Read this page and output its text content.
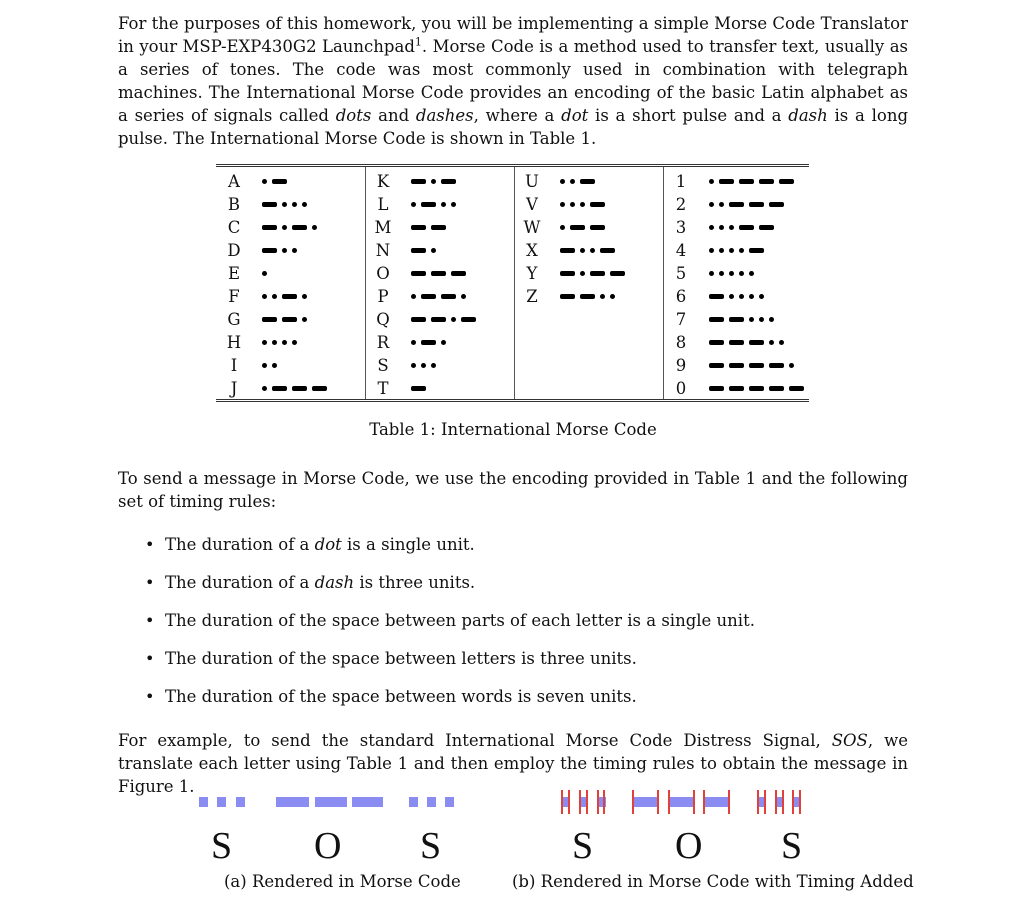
For the purposes of this homework, you will be implementing a simple Morse Code Translator in your MSP-EXP430G2 Launchpad$^1$. Morse Code is a method used to transfer text, usually as a series of tones. The code was most commonly used in combination with telegraph machines. The International Morse Code provides an encoding of the basic Latin alphabet as a series of signals called dots and dashes, where a dot is a short pulse and a dash is a long pulse. The International Morse Code is shown in Table 1.

A
B
C
D
E
F
G
H
I
J
K
L
M
N
O
P
Q
R
S
T
U
V
W
X
Y
Z
1
2
3
4
5
6
7
8
9
0
Table 1: International Morse Code

To send a message in Morse Code, we use the encoding provided in Table 1 and the following set of timing rules:

• The duration of a dot is a single unit.
• The duration of a dash is three units.
• The duration of the space between parts of each letter is a single unit.
• The duration of the space between letters is three units.
• The duration of the space between words is seven units.

For example, to send the standard International Morse Code Distress Signal, SOS, we translate each letter using Table 1 and then employ the timing rules to obtain the message in Figure 1.

S O S
(a) Rendered in Morse Code
S O S
(b) Rendered in Morse Code with Timing Added
